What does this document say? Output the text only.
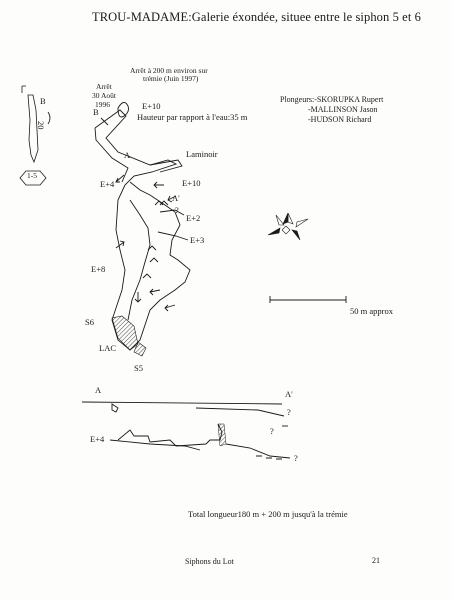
TROU-MADAME:Galerie éxondée, situee entre le siphon 5 et 6
Arrêt à 200 m environ sur
trémie (Juin 1997)
Arrêt
30 Août
1996	E+10
Hauteur par rapport à l'eau:35 m
Plongeurs:-SKORUPKA Rupert
-MALLINSON Jason
-HUDSON Richard
B
20
1-5
B
A	Laminoir
E+4	E+10
A'
?
E+2
E+3
E+8
S6
LAC
S5
50 m approx
A	A'
?
?
?
E+4
Total longueur180 m + 200 m jusqu'à la trémie
Siphons du Lot	21
